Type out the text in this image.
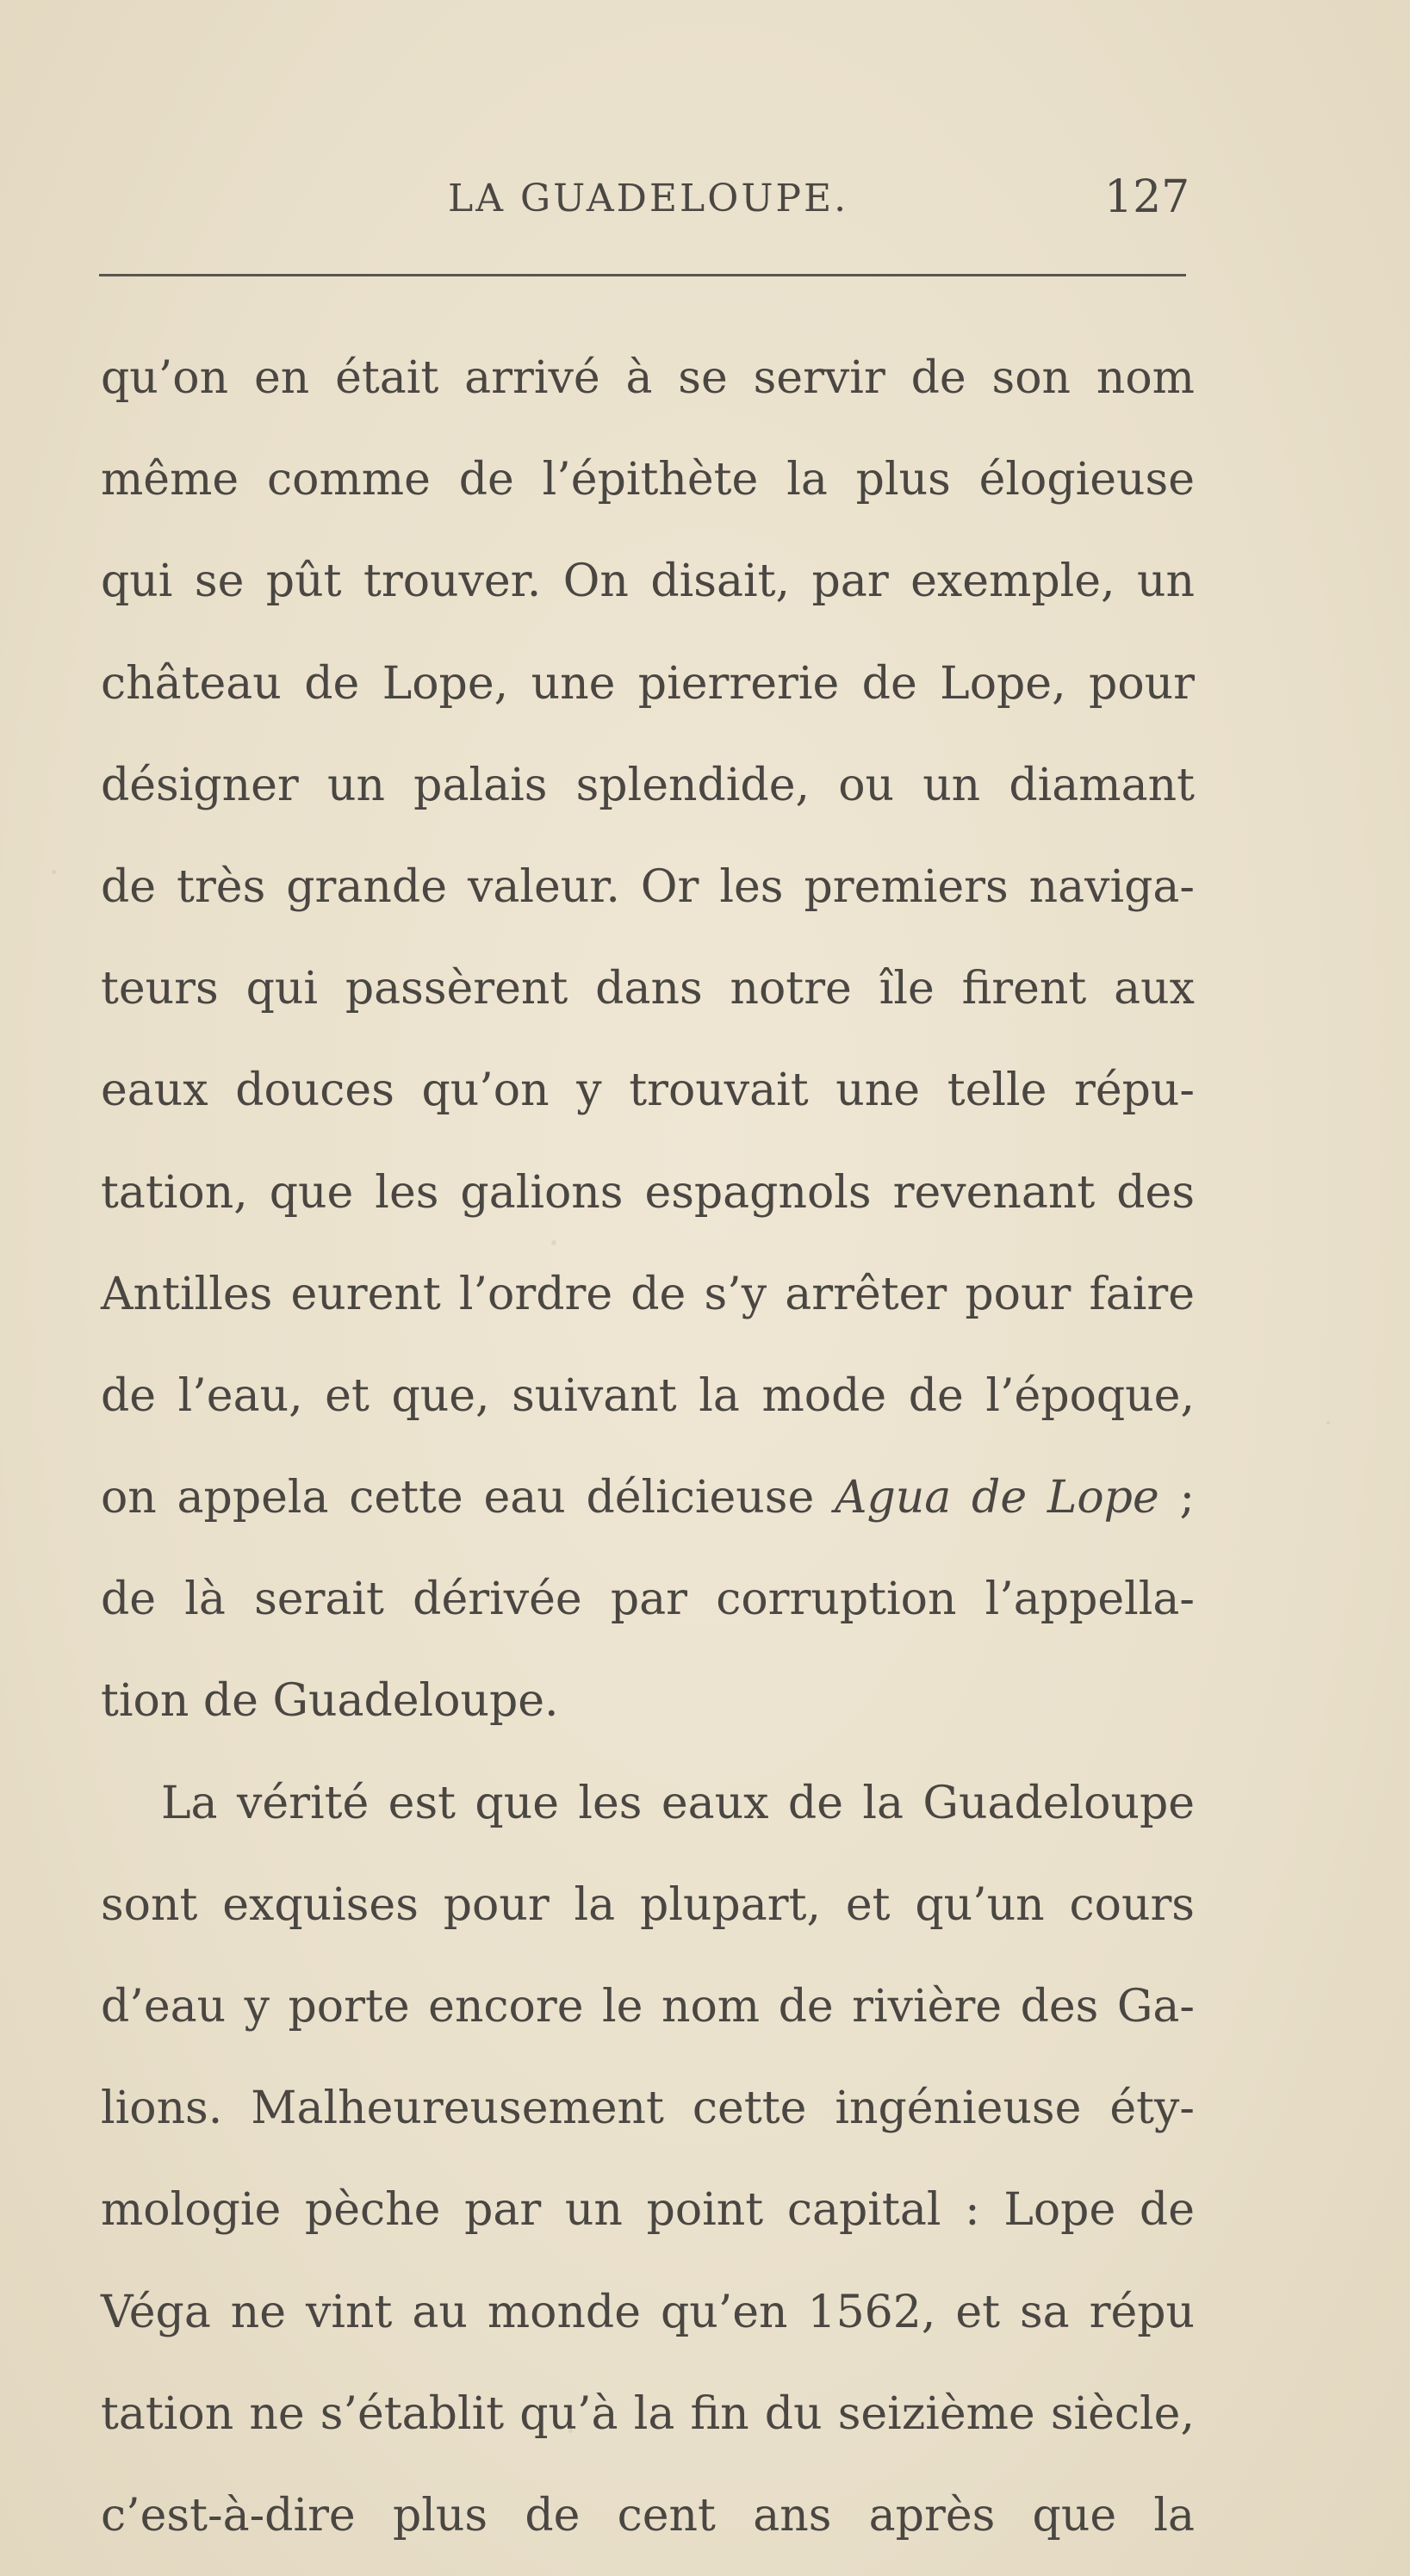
LA GUADELOUPE.	127
qu’on en était arrivé à se servir de son nom
même comme de l’épithète la plus élogieuse
qui se pût trouver. On disait, par exemple, un
château de Lope, une pierrerie de Lope, pour
désigner un palais splendide, ou un diamant
de très grande valeur. Or les premiers naviga-
teurs qui passèrent dans notre île firent aux
eaux douces qu’on y trouvait une telle répu-
tation, que les galions espagnols revenant des
Antilles eurent l’ordre de s’y arrêter pour faire
de l’eau, et que, suivant la mode de l’époque,
on appela cette eau délicieuse Agua de Lope ;
de là serait dérivée par corruption l’appella-
tion de Guadeloupe.
La vérité est que les eaux de la Guadeloupe
sont exquises pour la plupart, et qu’un cours
d’eau y porte encore le nom de rivière des Ga-
lions. Malheureusement cette ingénieuse éty-
mologie pèche par un point capital : Lope de
Véga ne vint au monde qu’en 1562, et sa répu
tation ne s’établit qu’à la fin du seizième siècle,
c’est-à-dire plus de cent ans après que la
